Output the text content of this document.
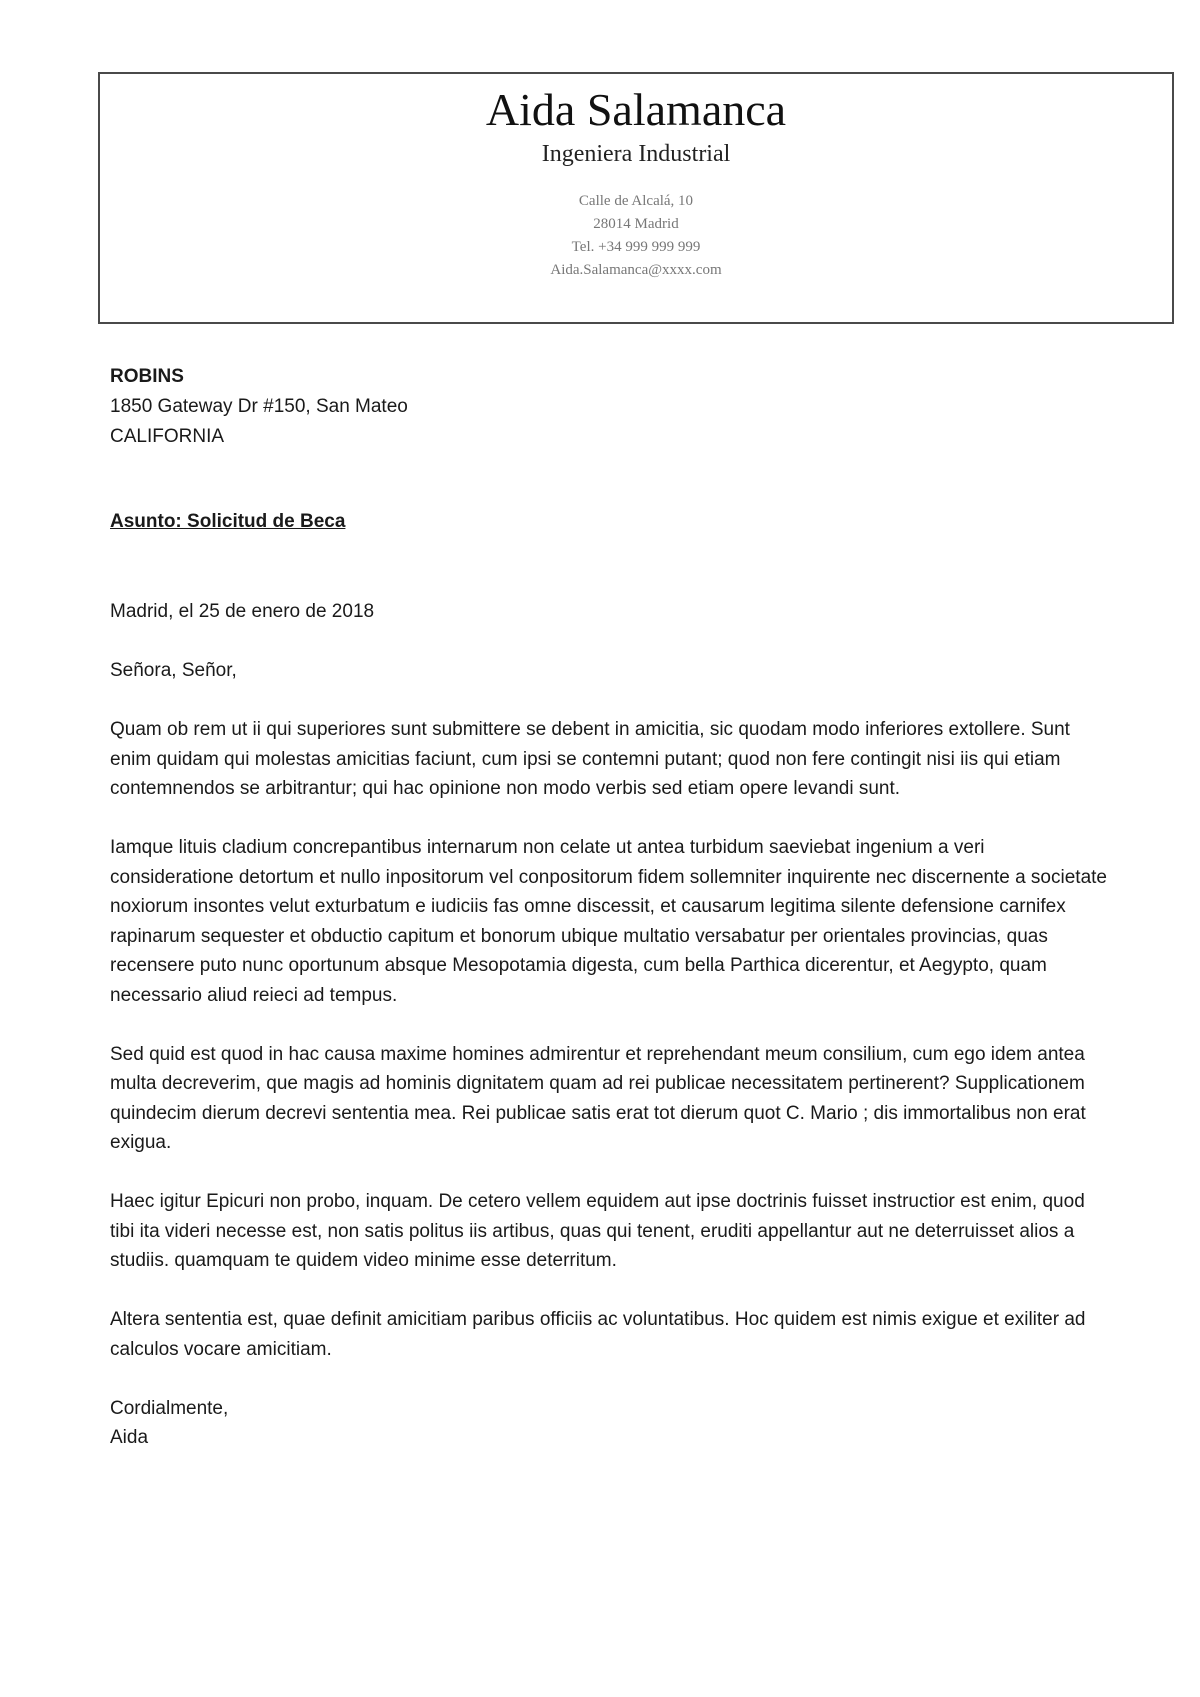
Aida Salamanca
Ingeniera Industrial
Calle de Alcalá, 10
28014 Madrid
Tel. +34 999 999 999
Aida.Salamanca@xxxx.com
ROBINS
1850 Gateway Dr #150, San Mateo
CALIFORNIA
Asunto: Solicitud de Beca

Madrid, el 25 de enero de 2018

Señora, Señor,

Quam ob rem ut ii qui superiores sunt submittere se debent in amicitia, sic quodam modo inferiores extollere. Sunt enim quidam qui molestas amicitias faciunt, cum ipsi se contemni putant; quod non fere contingit nisi iis qui etiam contemnendos se arbitrantur; qui hac opinione non modo verbis sed etiam opere levandi sunt.

Iamque lituis cladium concrepantibus internarum non celate ut antea turbidum saeviebat ingenium a veri consideratione detortum et nullo inpositorum vel conpositorum fidem sollemniter inquirente nec discernente a societate noxiorum insontes velut exturbatum e iudiciis fas omne discessit, et causarum legitima silente defensione carnifex rapinarum sequester et obductio capitum et bonorum ubique multatio versabatur per orientales provincias, quas recensere puto nunc oportunum absque Mesopotamia digesta, cum bella Parthica dicerentur, et Aegypto, quam necessario aliud reieci ad tempus.

Sed quid est quod in hac causa maxime homines admirentur et reprehendant meum consilium, cum ego idem antea multa decreverim, que magis ad hominis dignitatem quam ad rei publicae necessitatem pertinerent? Supplicationem quindecim dierum decrevi sententia mea. Rei publicae satis erat tot dierum quot C. Mario ; dis immortalibus non erat exigua.

Haec igitur Epicuri non probo, inquam. De cetero vellem equidem aut ipse doctrinis fuisset instructior est enim, quod tibi ita videri necesse est, non satis politus iis artibus, quas qui tenent, eruditi appellantur aut ne deterruisset alios a studiis. quamquam te quidem video minime esse deterritum.

Altera sententia est, quae definit amicitiam paribus officiis ac voluntatibus. Hoc quidem est nimis exigue et exiliter ad calculos vocare amicitiam.

Cordialmente,

Aida
